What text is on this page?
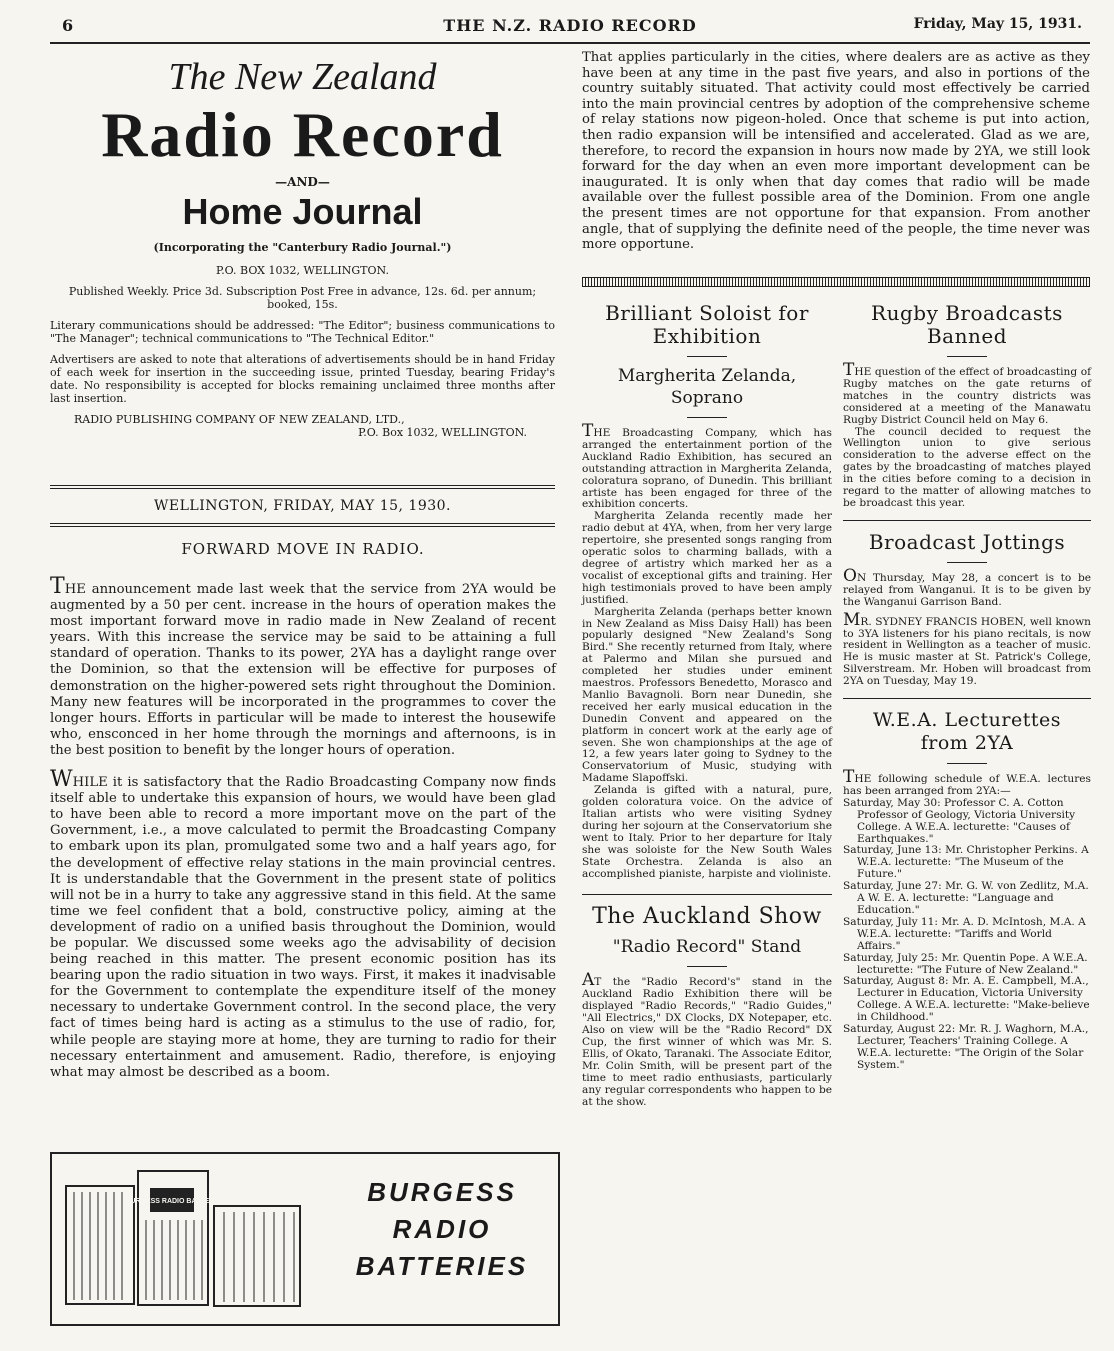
6	THE N.Z. RADIO RECORD	Friday, May 15, 1931.
The New Zealand
Radio Record
—AND—
Home Journal
(Incorporating the "Canterbury Radio Journal.")
P.O. BOX 1032, WELLINGTON.

Published Weekly. Price 3d. Subscription Post Free in advance, 12s. 6d. per annum; booked, 15s.

Literary communications should be addressed: "The Editor"; business communications to "The Manager"; technical communications to "The Technical Editor."

Advertisers are asked to note that alterations of advertisements should be in hand Friday of each week for insertion in the succeeding issue, printed Tuesday, bearing Friday's date. No responsibility is accepted for blocks remaining unclaimed three months after last insertion.

RADIO PUBLISHING COMPANY OF NEW ZEALAND, LTD.,
P.O. Box 1032, WELLINGTON.
WELLINGTON, FRIDAY, MAY 15, 1930.
FORWARD MOVE IN RADIO.

THE announcement made last week that the service from 2YA would be augmented by a 50 per cent. increase in the hours of operation makes the most important forward move in radio made in New Zealand of recent years. With this increase the service may be said to be attaining a full standard of operation. Thanks to its power, 2YA has a daylight range over the Dominion, so that the extension will be effective for purposes of demonstration on the higher-powered sets right throughout the Dominion. Many new features will be incorporated in the programmes to cover the longer hours. Efforts in particular will be made to interest the housewife who, ensconced in her home through the mornings and afternoons, is in the best position to benefit by the longer hours of operation.

WHILE it is satisfactory that the Radio Broadcasting Company now finds itself able to undertake this expansion of hours, we would have been glad to have been able to record a more important move on the part of the Government, i.e., a move calculated to permit the Broadcasting Company to embark upon its plan, promulgated some two and a half years ago, for the development of effective relay stations in the main provincial centres. It is understandable that the Government in the present state of politics will not be in a hurry to take any aggressive stand in this field. At the same time we feel confident that a bold, constructive policy, aiming at the development of radio on a unified basis throughout the Dominion, would be popular. We discussed some weeks ago the advisability of decision being reached in this matter. The present economic position has its bearing upon the radio situation in two ways. First, it makes it inadvisable for the Government to contemplate the expenditure itself of the money necessary to undertake Government control. In the second place, the very fact of times being hard is acting as a stimulus to the use of radio, for, while people are staying more at home, they are turning to radio for their necessary entertainment and amusement. Radio, therefore, is enjoying what may almost be described as a boom.

BURGESS RADIO BATTERY	BURGESS
RADIO
BATTERIES

That applies particularly in the cities, where dealers are as active as they have been at any time in the past five years, and also in portions of the country suitably situated. That activity could most effectively be carried into the main provincial centres by adoption of the comprehensive scheme of relay stations now pigeon-holed. Once that scheme is put into action, then radio expansion will be intensified and accelerated. Glad as we are, therefore, to record the expansion in hours now made by 2YA, we still look forward for the day when an even more important development can be inaugurated. It is only when that day comes that radio will be made available over the fullest possible area of the Dominion. From one angle the present times are not opportune for that expansion. From another angle, that of supplying the definite need of the people, the time never was more opportune.

Brilliant Soloist for Exhibition
Margherita Zelanda, Soprano

THE Broadcasting Company, which has arranged the entertainment portion of the Auckland Radio Exhibition, has secured an outstanding attraction in Margherita Zelanda, coloratura soprano, of Dunedin. This brilliant artiste has been engaged for three of the exhibition concerts.

Margherita Zelanda recently made her radio debut at 4YA, when, from her very large repertoire, she presented songs ranging from operatic solos to charming ballads, with a degree of artistry which marked her as a vocalist of exceptional gifts and training. Her high testimonials proved to have been amply justified.

Margherita Zelanda (perhaps better known in New Zealand as Miss Daisy Hall) has been popularly designed "New Zealand's Song Bird." She recently returned from Italy, where at Palermo and Milan she pursued and completed her studies under eminent maestros. Professors Benedetto, Morasco and Manlio Bavagnoli. Born near Dunedin, she received her early musical education in the Dunedin Convent and appeared on the platform in concert work at the early age of seven. She won championships at the age of 12, a few years later going to Sydney to the Conservatorium of Music, studying with Madame Slapoffski.

Zelanda is gifted with a natural, pure, golden coloratura voice. On the advice of Italian artists who were visiting Sydney during her sojourn at the Conservatorium she went to Italy. Prior to her departure for Italy she was soloiste for the New South Wales State Orchestra. Zelanda is also an accomplished pianiste, harpiste and violiniste.

The Auckland Show
"Radio Record" Stand

AT the "Radio Record's" stand in the Auckland Radio Exhibition there will be displayed "Radio Records," "Radio Guides," "All Electrics," DX Clocks, DX Notepaper, etc. Also on view will be the "Radio Record" DX Cup, the first winner of which was Mr. S. Ellis, of Okato, Taranaki. The Associate Editor, Mr. Colin Smith, will be present part of the time to meet radio enthusiasts, particularly any regular correspondents who happen to be at the show.

Rugby Broadcasts Banned

THE question of the effect of broadcasting of Rugby matches on the gate returns of matches in the country districts was considered at a meeting of the Manawatu Rugby District Council held on May 6.

The council decided to request the Wellington union to give serious consideration to the adverse effect on the gates by the broadcasting of matches played in the cities before coming to a decision in regard to the matter of allowing matches to be broadcast this year.

Broadcast Jottings

ON Thursday, May 28, a concert is to be relayed from Wanganui. It is to be given by the Wanganui Garrison Band.

MR. SYDNEY FRANCIS HOBEN, well known to 3YA listeners for his piano recitals, is now resident in Wellington as a teacher of music. He is music master at St. Patrick's College, Silverstream. Mr. Hoben will broadcast from 2YA on Tuesday, May 19.

W.E.A. Lecturettes from 2YA

THE following schedule of W.E.A. lectures has been arranged from 2YA:—

Saturday, May 30: Professor C. A. Cotton Professor of Geology, Victoria University College. A W.E.A. lecturette: "Causes of Earthquakes."
Saturday, June 13: Mr. Christopher Perkins. A W.E.A. lecturette: "The Museum of the Future."
Saturday, June 27: Mr. G. W. von Zedlitz, M.A. A W. E. A. lecturette: "Language and Education."
Saturday, July 11: Mr. A. D. McIntosh, M.A. A W.E.A. lecturette: "Tariffs and World Affairs."
Saturday, July 25: Mr. Quentin Pope. A W.E.A. lecturette: "The Future of New Zealand."
Saturday, August 8: Mr. A. E. Campbell, M.A., Lecturer in Education, Victoria University College. A W.E.A. lecturette: "Make-believe in Childhood."
Saturday, August 22: Mr. R. J. Waghorn, M.A., Lecturer, Teachers' Training College. A W.E.A. lecturette: "The Origin of the Solar System."
